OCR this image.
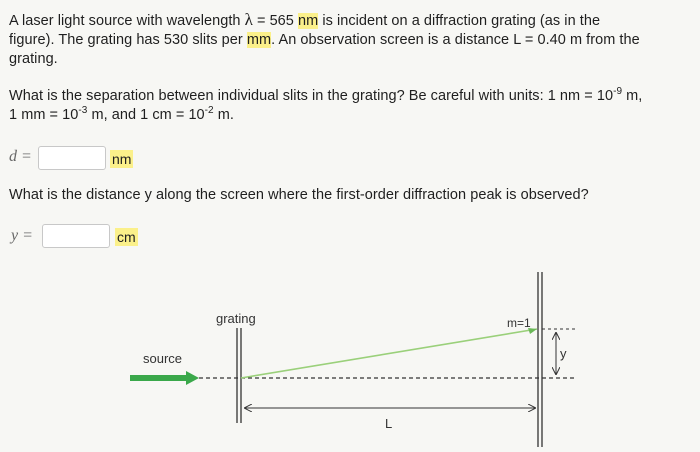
A laser light source with wavelength λ = 565 nm is incident on a diffraction grating (as in the
figure). The grating has 530 slits per mm. An observation screen is a distance L = 0.40 m from the
grating.
What is the separation between individual slits in the grating? Be careful with units: 1 nm = $10^{-9}$ m,
1 mm = $10^{-3}$ m, and 1 cm = $10^{-2}$ m.
d =	nm
What is the distance y along the screen where the first-order diffraction peak is observed?
y =	cm
grating
source
m=1
y
L
